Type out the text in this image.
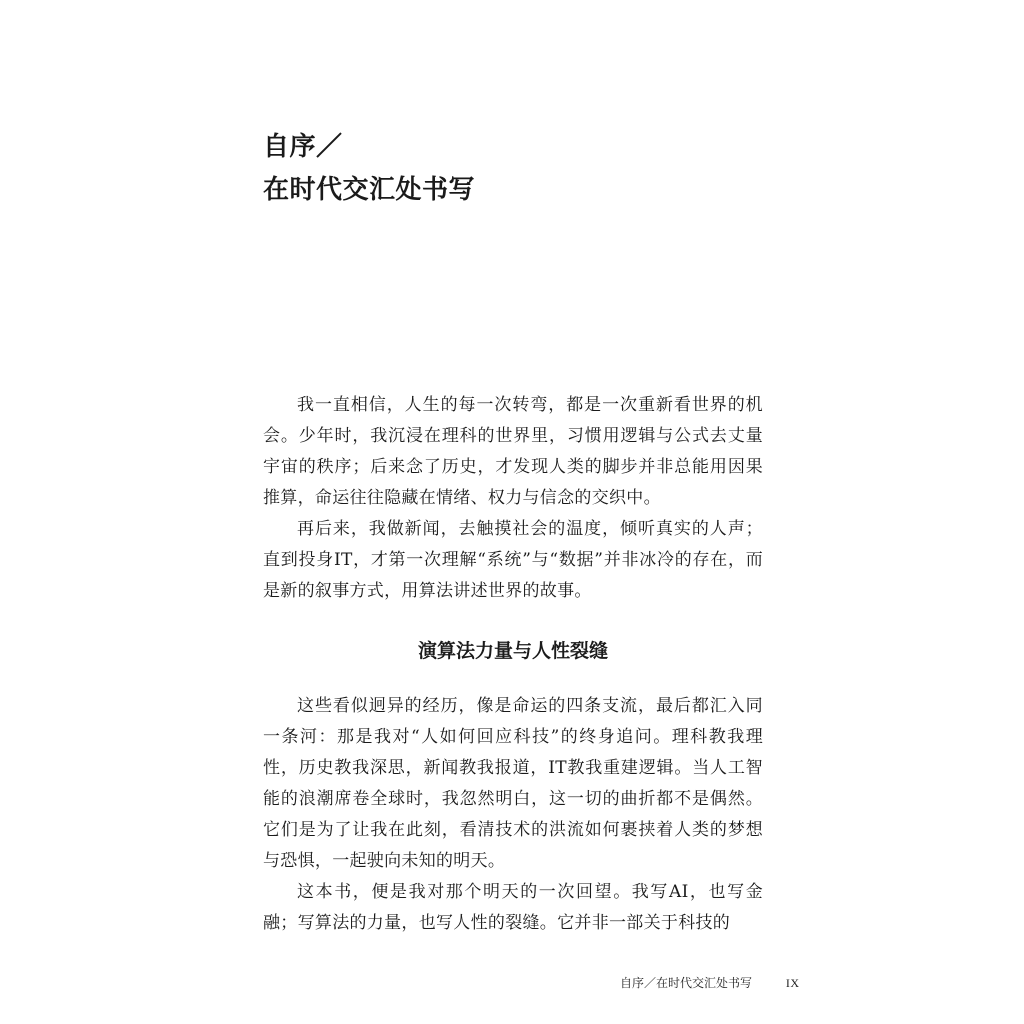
自序／
在时代交汇处书写

我一直相信，人生的每一次转弯，都是一次重新看世界的机会。少年时，我沉浸在理科的世界里，习惯用逻辑与公式去丈量宇宙的秩序；后来念了历史，才发现人类的脚步并非总能用因果推算，命运往往隐藏在情绪、权力与信念的交织中。

再后来，我做新闻，去触摸社会的温度，倾听真实的人声；直到投身IT，才第一次理解“系统”与“数据”并非冰冷的存在，而是新的叙事方式，用算法讲述世界的故事。

演算法力量与人性裂缝

这些看似迥异的经历，像是命运的四条支流，最后都汇入同一条河：那是我对“人如何回应科技”的终身追问。理科教我理性，历史教我深思，新闻教我报道，IT教我重建逻辑。当人工智能的浪潮席卷全球时，我忽然明白，这一切的曲折都不是偶然。它们是为了让我在此刻，看清技术的洪流如何裹挟着人类的梦想与恐惧，一起驶向未知的明天。

这本书，便是我对那个明天的一次回望。我写AI，也写金融；写算法的力量，也写人性的裂缝。它并非一部关于科技的

自序／在时代交汇处书写	IX
